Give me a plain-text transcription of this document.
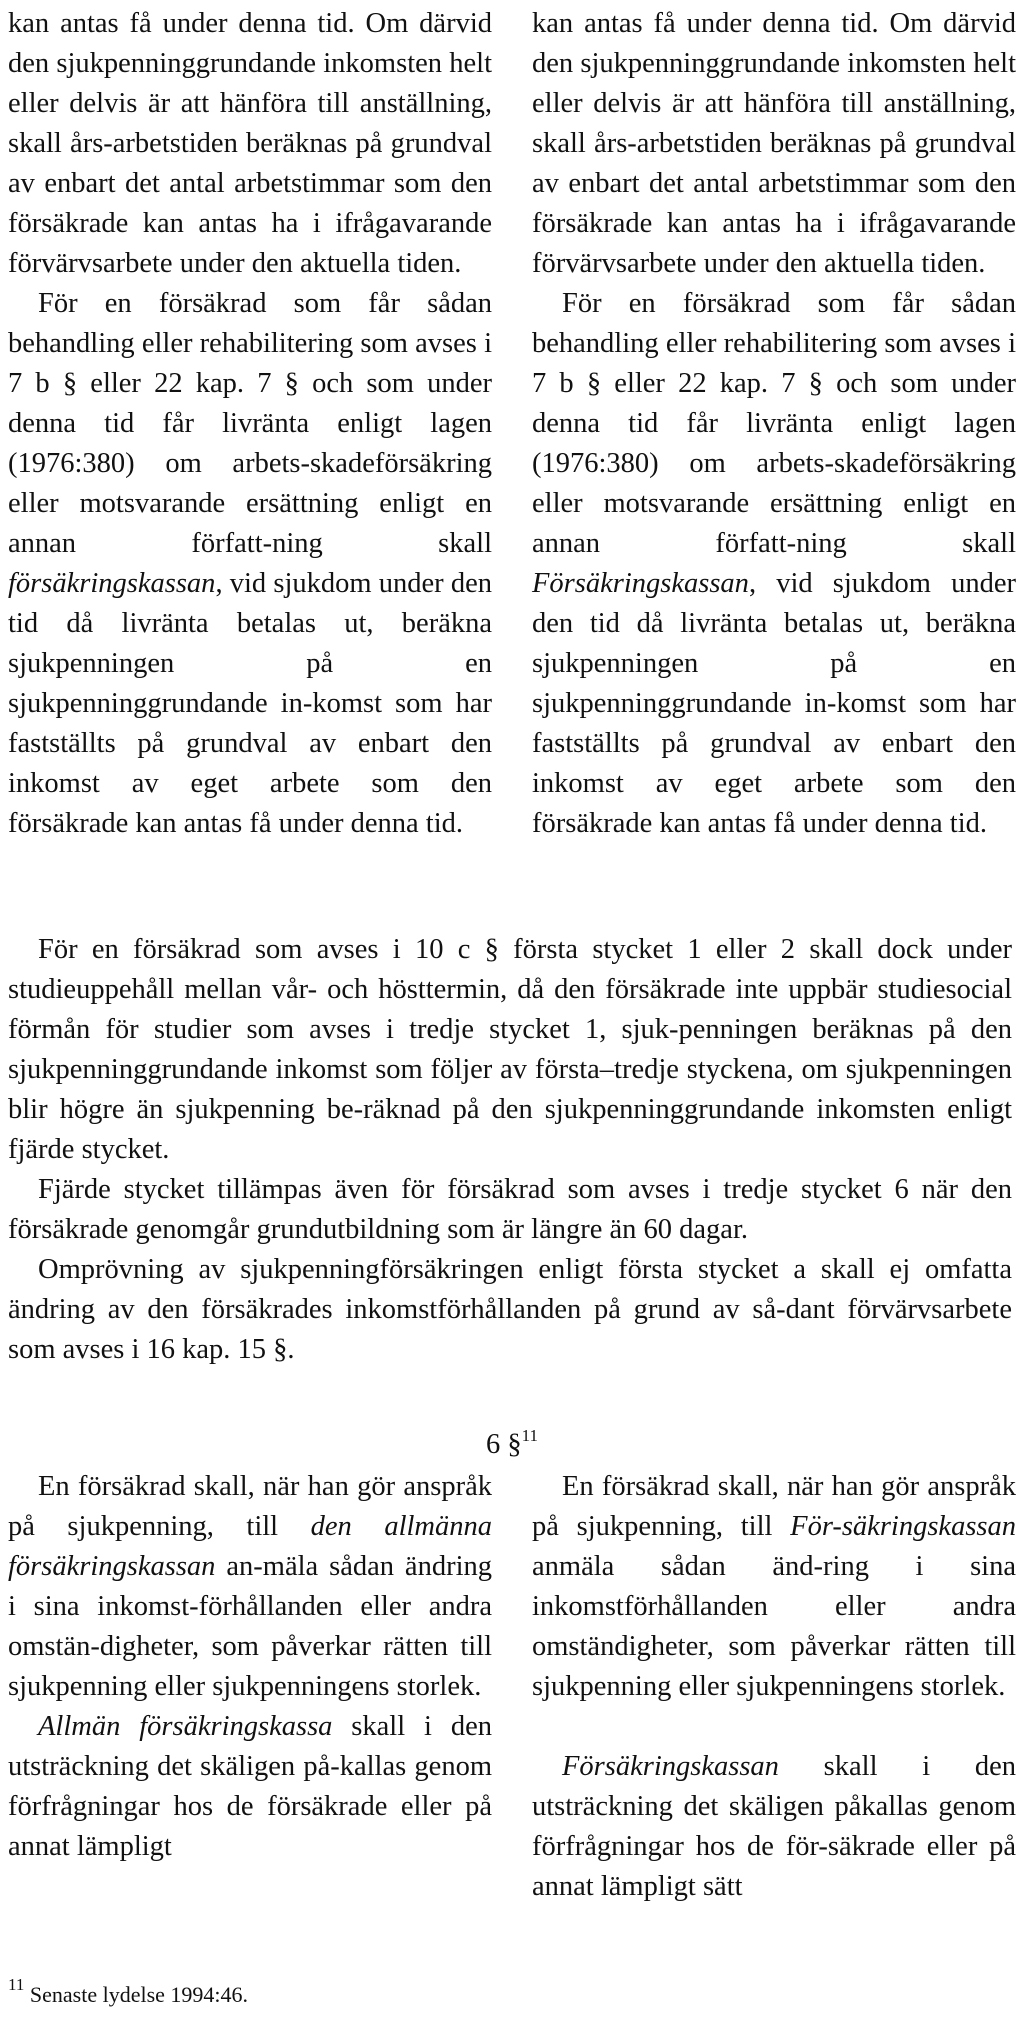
kan antas få under denna tid. Om därvid den sjukpenninggrundande inkomsten helt eller delvis är att hänföra till anställning, skall års-arbetstiden beräknas på grundval av enbart det antal arbetstimmar som den försäkrade kan antas ha i ifrågavarande förvärvsarbete under den aktuella tiden.

För en försäkrad som får sådan behandling eller rehabilitering som avses i 7 b § eller 22 kap. 7 § och som under denna tid får livränta enligt lagen (1976:380) om arbets-skadeförsäkring eller motsvarande ersättning enligt en annan författ-ning skall försäkringskassan, vid sjukdom under den tid då livränta betalas ut, beräkna sjukpenningen på en sjukpenninggrundande in-komst som har fastställts på grundval av enbart den inkomst av eget arbete som den försäkrade kan antas få under denna tid.

kan antas få under denna tid. Om därvid den sjukpenninggrundande inkomsten helt eller delvis är att hänföra till anställning, skall års-arbetstiden beräknas på grundval av enbart det antal arbetstimmar som den försäkrade kan antas ha i ifrågavarande förvärvsarbete under den aktuella tiden.

För en försäkrad som får sådan behandling eller rehabilitering som avses i 7 b § eller 22 kap. 7 § och som under denna tid får livränta enligt lagen (1976:380) om arbets-skadeförsäkring eller motsvarande ersättning enligt en annan författ-ning skall Försäkringskassan, vid sjukdom under den tid då livränta betalas ut, beräkna sjukpenningen på en sjukpenninggrundande in-komst som har fastställts på grundval av enbart den inkomst av eget arbete som den försäkrade kan antas få under denna tid.

För en försäkrad som avses i 10 c § första stycket 1 eller 2 skall dock under studieuppehåll mellan vår- och hösttermin, då den försäkrade inte uppbär studiesocial förmån för studier som avses i tredje stycket 1, sjuk-penningen beräknas på den sjukpenninggrundande inkomst som följer av första–tredje styckena, om sjukpenningen blir högre än sjukpenning be-räknad på den sjukpenninggrundande inkomsten enligt fjärde stycket.

Fjärde stycket tillämpas även för försäkrad som avses i tredje stycket 6 när den försäkrade genomgår grundutbildning som är längre än 60 dagar.

Omprövning av sjukpenningförsäkringen enligt första stycket a skall ej omfatta ändring av den försäkrades inkomstförhållanden på grund av så-dant förvärvsarbete som avses i 16 kap. 15 §.

6 §$^{11}$

En försäkrad skall, när han gör anspråk på sjukpenning, till den allmänna försäkringskassan an-mäla sådan ändring i sina inkomst-förhållanden eller andra omstän-digheter, som påverkar rätten till sjukpenning eller sjukpenningens storlek.

Allmän försäkringskassa skall i den utsträckning det skäligen på-kallas genom förfrågningar hos de försäkrade eller på annat lämpligt

En försäkrad skall, när han gör anspråk på sjukpenning, till För-säkringskassan anmäla sådan änd-ring i sina inkomstförhållanden eller andra omständigheter, som påverkar rätten till sjukpenning eller sjukpenningens storlek.

Försäkringskassan skall i den utsträckning det skäligen påkallas genom förfrågningar hos de för-säkrade eller på annat lämpligt sätt

$^{11}$ Senaste lydelse 1994:46.
